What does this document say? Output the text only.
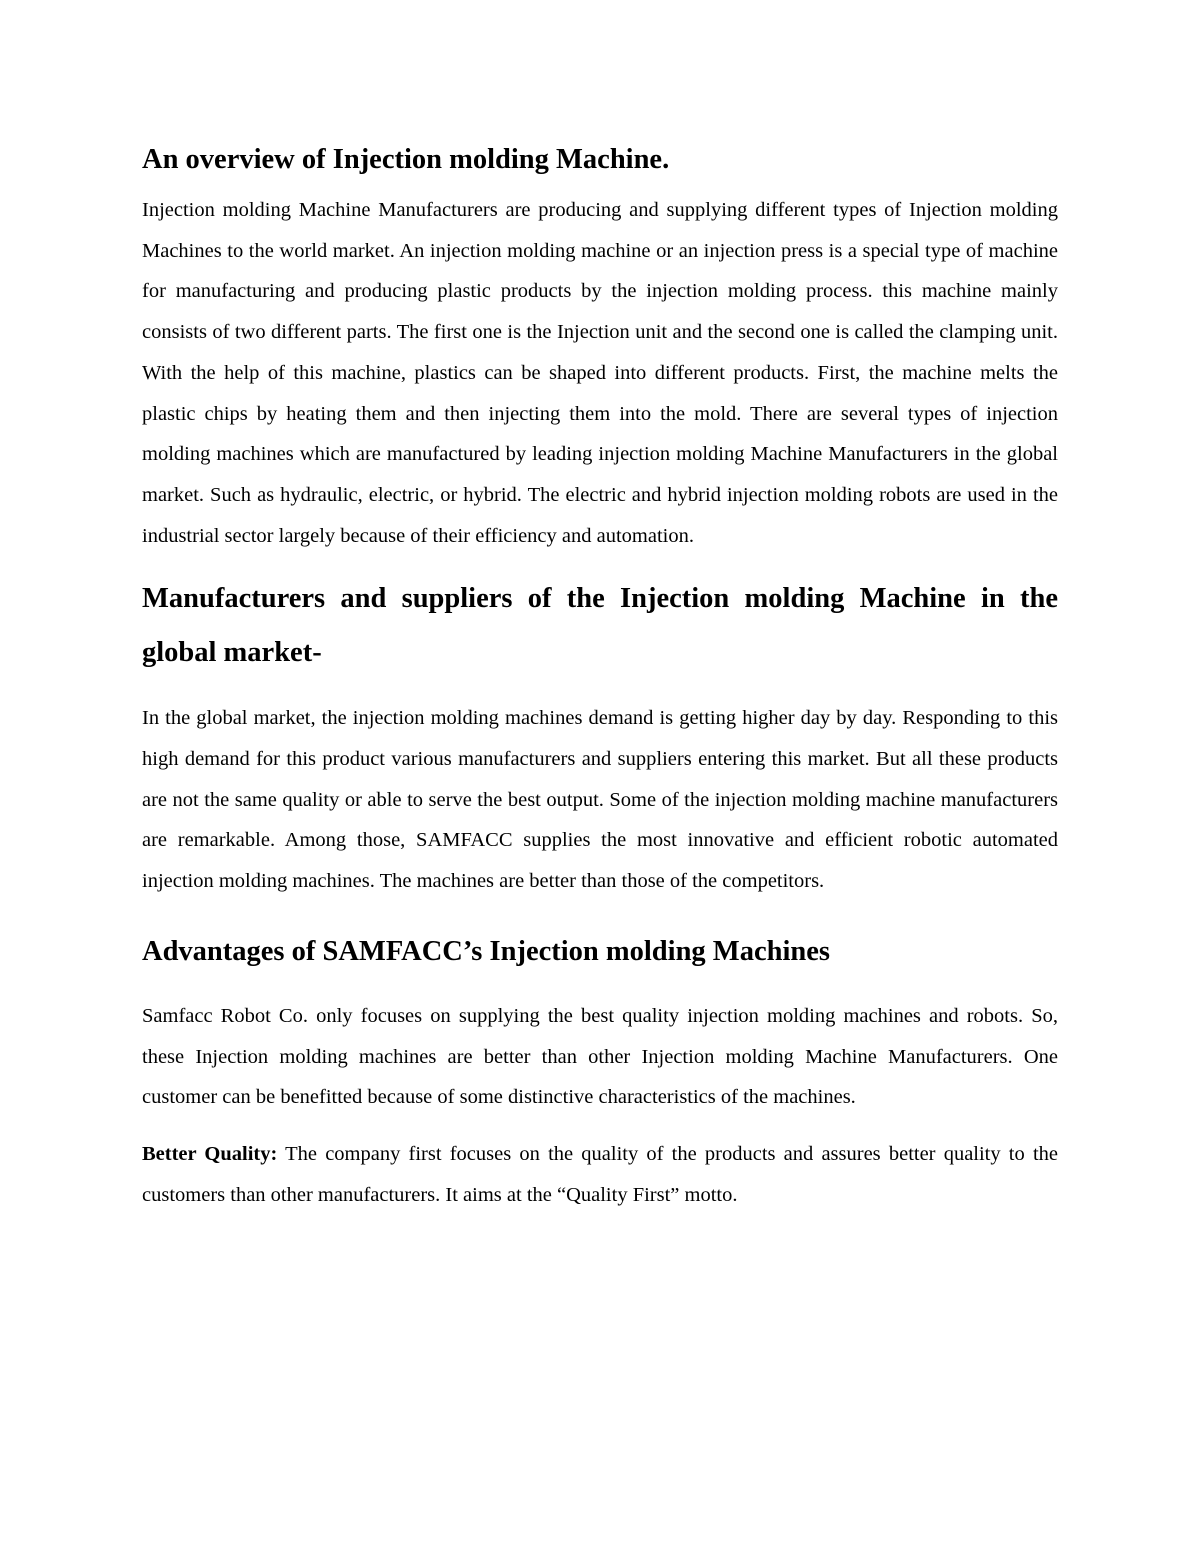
An overview of Injection molding Machine.

Injection molding Machine Manufacturers are producing and supplying different types of Injection molding Machines to the world market. An injection molding machine or an injection press is a special type of machine for manufacturing and producing plastic products by the injection molding process. this machine mainly consists of two different parts. The first one is the Injection unit and the second one is called the clamping unit. With the help of this machine, plastics can be shaped into different products. First, the machine melts the plastic chips by heating them and then injecting them into the mold. There are several types of injection molding machines which are manufactured by leading injection molding Machine Manufacturers in the global market. Such as hydraulic, electric, or hybrid. The electric and hybrid injection molding robots are used in the industrial sector largely because of their efficiency and automation.

Manufacturers and suppliers of the Injection molding Machine in the global market-

In the global market, the injection molding machines demand is getting higher day by day. Responding to this high demand for this product various manufacturers and suppliers entering this market. But all these products are not the same quality or able to serve the best output. Some of the injection molding machine manufacturers are remarkable. Among those, SAMFACC supplies the most innovative and efficient robotic automated injection molding machines. The machines are better than those of the competitors.

Advantages of SAMFACC’s Injection molding Machines

Samfacc Robot Co. only focuses on supplying the best quality injection molding machines and robots. So, these Injection molding machines are better than other Injection molding Machine Manufacturers. One customer can be benefitted because of some distinctive characteristics of the machines.

Better Quality: The company first focuses on the quality of the products and assures better quality to the customers than other manufacturers. It aims at the “Quality First” motto.
